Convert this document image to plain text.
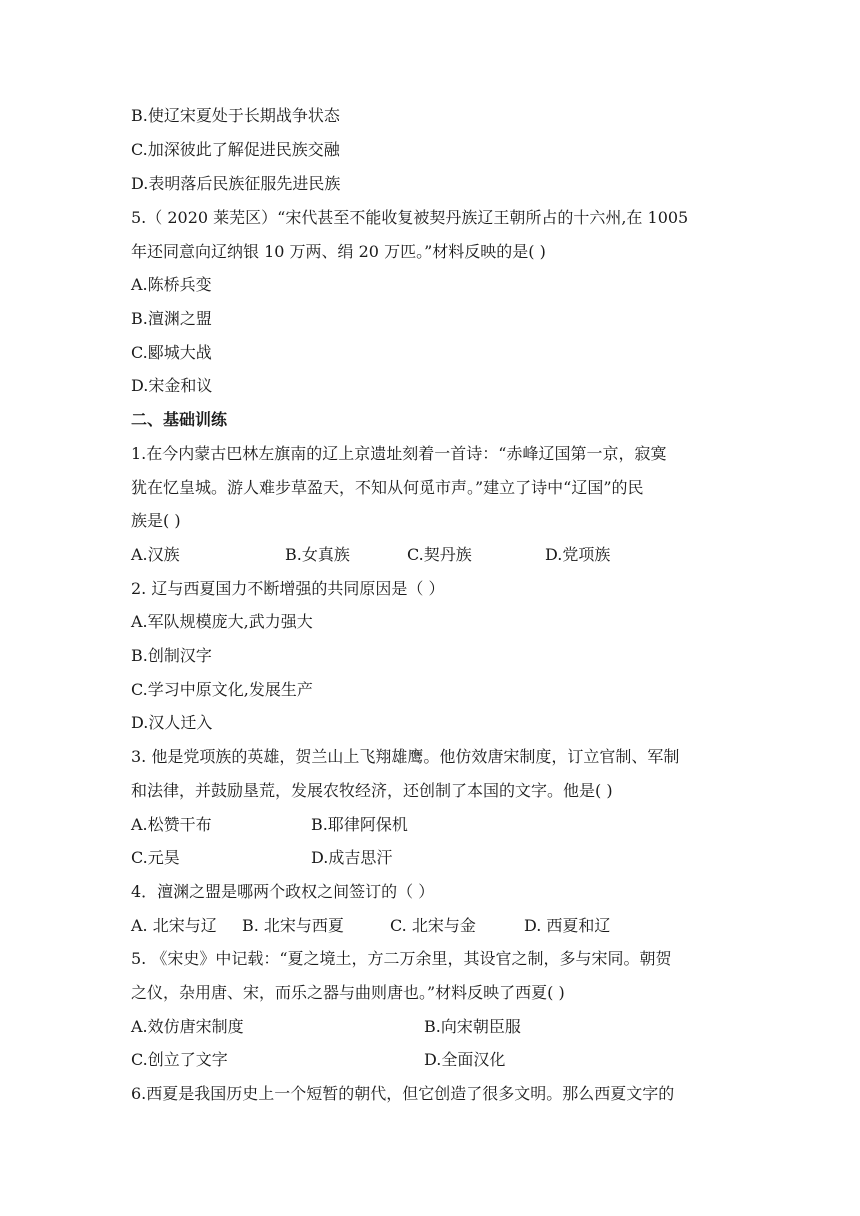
B.使辽宋夏处于长期战争状态
C.加深彼此了解促进民族交融
D.表明落后民族征服先进民族
5.（ 2020 莱芜区）“宋代甚至不能收复被契丹族辽王朝所占的十六州,在 1005
年还同意向辽纳银 10 万两、绢 20 万匹。”材料反映的是( )
A.陈桥兵变
B.澶渊之盟
C.郾城大战
D.宋金和议
二、基础训练
1.在今内蒙古巴林左旗南的辽上京遗址刻着一首诗：“赤峰辽国第一京，寂寞
犹在忆皇城。游人难步草盈天，不知从何觅市声。”建立了诗中“辽国”的民
族是( )
A.汉族	B.女真族	C.契丹族	D.党项族
2. 辽与西夏国力不断增强的共同原因是（ ）
A.军队规模庞大,武力强大
B.创制汉字
C.学习中原文化,发展生产
D.汉人迁入
3. 他是党项族的英雄，贺兰山上飞翔雄鹰。他仿效唐宋制度，订立官制、军制
和法律，并鼓励垦荒，发展农牧经济，还创制了本国的文字。他是( )
A.松赞干布	B.耶律阿保机
C.元昊	D.成吉思汗
4．澶渊之盟是哪两个政权之间签订的（ ）
A. 北宋与辽 B. 北宋与西夏	C. 北宋与金	D. 西夏和辽
5. 《宋史》中记载：“夏之境土，方二万余里，其设官之制，多与宋同。朝贺
之仪，杂用唐、宋，而乐之器与曲则唐也。”材料反映了西夏( )
A.效仿唐宋制度	B.向宋朝臣服
C.创立了文字	D.全面汉化
6.西夏是我国历史上一个短暂的朝代，但它创造了很多文明。那么西夏文字的
